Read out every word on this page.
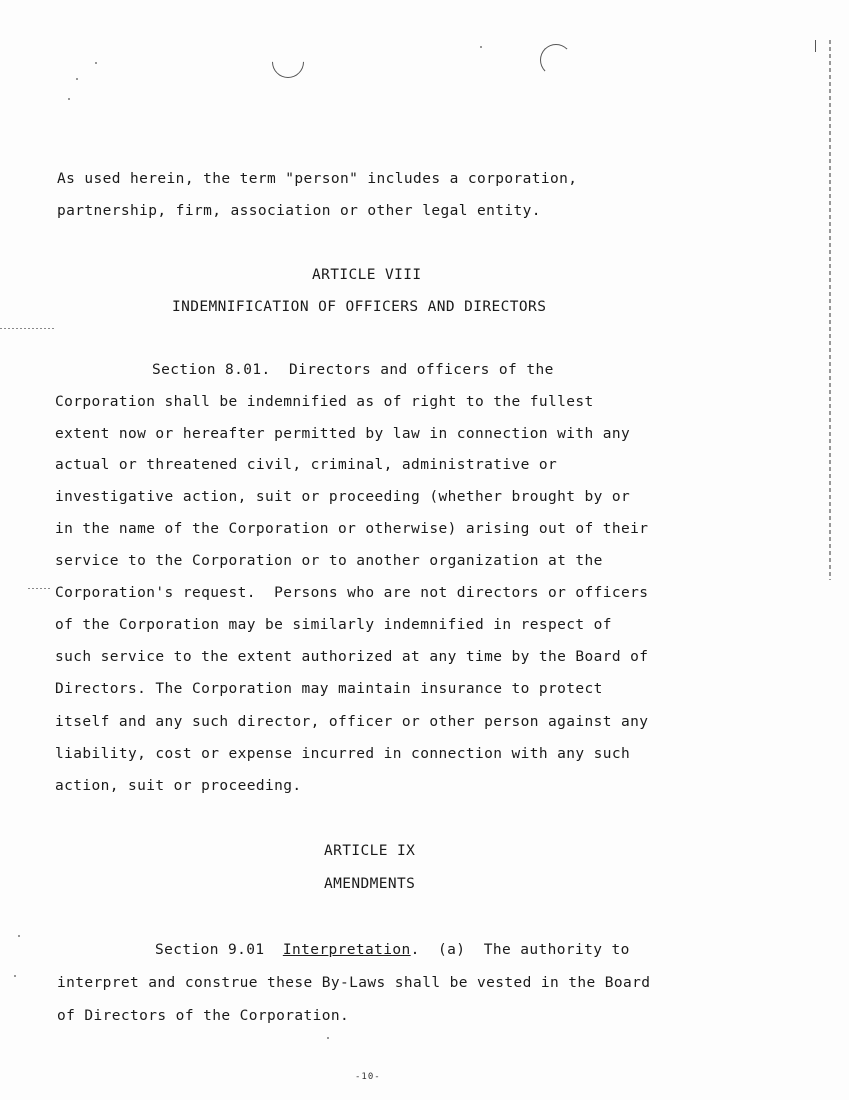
As used herein, the term "person" includes a corporation,
partnership, firm, association or other legal entity.
ARTICLE VIII
INDEMNIFICATION OF OFFICERS AND DIRECTORS
Section 8.01.  Directors and officers of the
Corporation shall be indemnified as of right to the fullest
extent now or hereafter permitted by law in connection with any
actual or threatened civil, criminal, administrative or
investigative action, suit or proceeding (whether brought by or
in the name of the Corporation or otherwise) arising out of their
service to the Corporation or to another organization at the
Corporation's request.  Persons who are not directors or officers
of the Corporation may be similarly indemnified in respect of
such service to the extent authorized at any time by the Board of
Directors. The Corporation may maintain insurance to protect
itself and any such director, officer or other person against any
liability, cost or expense incurred in connection with any such
action, suit or proceeding.
ARTICLE IX
AMENDMENTS
Section 9.01  Interpretation.  (a)  The authority to
interpret and construe these By-Laws shall be vested in the Board
of Directors of the Corporation.
-10-
